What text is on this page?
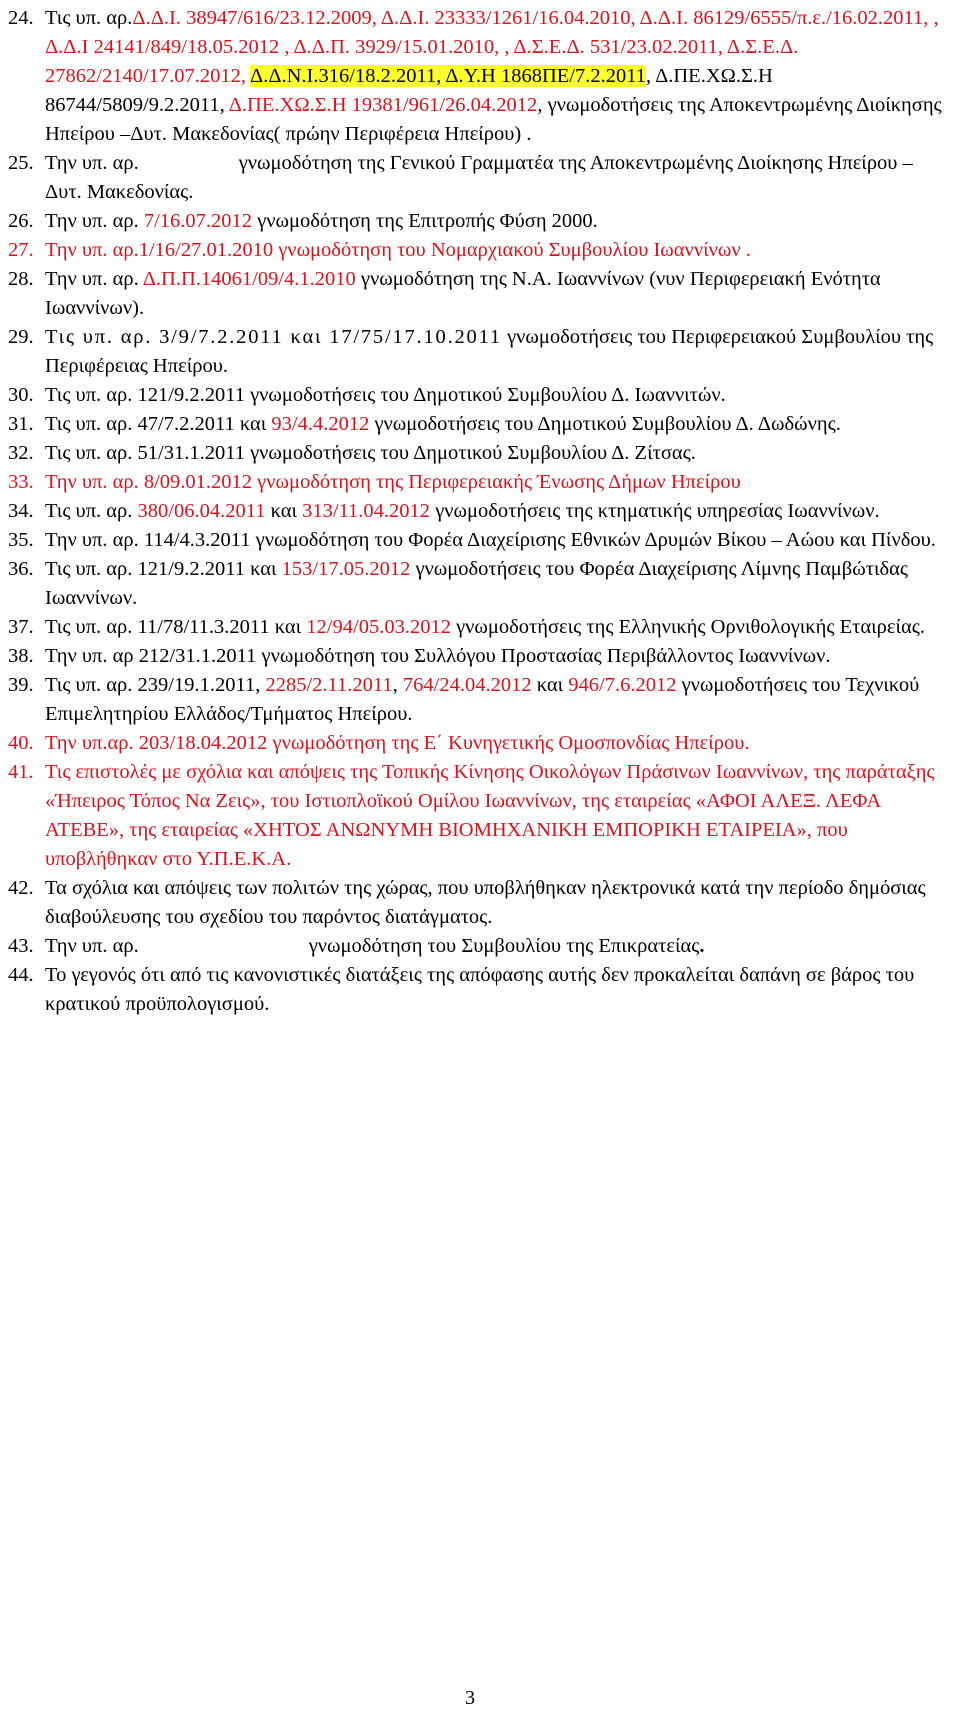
24. Τις υπ. αρ.Δ.Δ.Ι. 38947/616/23.12.2009, Δ.Δ.Ι. 23333/1261/16.04.2010, Δ.Δ.Ι. 86129/6555/π.ε./16.02.2011, , Δ.Δ.Ι 24141/849/18.05.2012 , Δ.Δ.Π. 3929/15.01.2010, , Δ.Σ.Ε.Δ. 531/23.02.2011, Δ.Σ.Ε.Δ. 27862/2140/17.07.2012, Δ.Δ.Ν.Ι.316/18.2.2011, Δ.Υ.Η 1868ΠΕ/7.2.2011, Δ.ΠΕ.ΧΩ.Σ.Η 86744/5809/9.2.2011, Δ.ΠΕ.ΧΩ.Σ.Η 19381/961/26.04.2012, γνωμοδοτήσεις της Αποκεντρωμένης Διοίκησης Ηπείρου –Δυτ. Μακεδονίας( πρώην Περιφέρεια Ηπείρου) .
25. Την υπ. αρ.	γνωμοδότηση της Γενικού Γραμματέα της Αποκεντρωμένης Διοίκησης Ηπείρου –Δυτ. Μακεδονίας.
26. Την υπ. αρ. 7/16.07.2012 γνωμοδότηση της Επιτροπής Φύση 2000.
27. Την υπ. αρ.1/16/27.01.2010 γνωμοδότηση του Νομαρχιακού Συμβουλίου Ιωαννίνων .
28. Την υπ. αρ. Δ.Π.Π.14061/09/4.1.2010 γνωμοδότηση της Ν.Α. Ιωαννίνων (νυν Περιφερειακή Ενότητα Ιωαννίνων).
29. Τις υπ. αρ. 3/9/7.2.2011 και 17/75/17.10.2011 γνωμοδοτήσεις του Περιφερειακού Συμβουλίου της Περιφέρειας Ηπείρου.
30. Τις υπ. αρ. 121/9.2.2011 γνωμοδοτήσεις του Δημοτικού Συμβουλίου Δ. Ιωαννιτών.
31. Τις υπ. αρ. 47/7.2.2011 και 93/4.4.2012 γνωμοδοτήσεις του Δημοτικού Συμβουλίου Δ. Δωδώνης.
32. Τις υπ. αρ. 51/31.1.2011 γνωμοδοτήσεις του Δημοτικού Συμβουλίου Δ. Ζίτσας.
33. Την υπ. αρ. 8/09.01.2012 γνωμοδότηση της Περιφερειακής Ένωσης Δήμων Ηπείρου
34. Τις υπ. αρ. 380/06.04.2011 και 313/11.04.2012 γνωμοδοτήσεις της κτηματικής υπηρεσίας Ιωαννίνων.
35. Την υπ. αρ. 114/4.3.2011 γνωμοδότηση του Φορέα Διαχείρισης Εθνικών Δρυμών Βίκου – Αώου και Πίνδου.
36. Τις υπ. αρ. 121/9.2.2011 και 153/17.05.2012 γνωμοδοτήσεις του Φορέα Διαχείρισης Λίμνης Παμβώτιδας Ιωαννίνων.
37. Τις υπ. αρ. 11/78/11.3.2011 και 12/94/05.03.2012 γνωμοδοτήσεις της Ελληνικής Ορνιθολογικής Εταιρείας.
38. Την υπ. αρ 212/31.1.2011 γνωμοδότηση του Συλλόγου Προστασίας Περιβάλλοντος Ιωαννίνων.
39. Τις υπ. αρ. 239/19.1.2011, 2285/2.11.2011, 764/24.04.2012 και 946/7.6.2012 γνωμοδοτήσεις του Τεχνικού Επιμελητηρίου Ελλάδος/Τμήματος Ηπείρου.
40. Την υπ.αρ. 203/18.04.2012 γνωμοδότηση της Ε΄ Κυνηγετικής Ομοσπονδίας Ηπείρου.
41. Τις επιστολές με σχόλια και απόψεις της Τοπικής Κίνησης Οικολόγων Πράσινων Ιωαννίνων, της παράταξης «Ήπειρος Τόπος Να Ζεις», του Ιστιοπλοϊκού Ομίλου Ιωαννίνων, της εταιρείας «ΑΦΟΙ ΑΛΕΞ. ΛΕΦΑ ΑΤΕΒΕ», της εταιρείας «ΧΗΤΟΣ ΑΝΩΝΥΜΗ ΒΙΟΜΗΧΑΝΙΚΗ ΕΜΠΟΡΙΚΗ ΕΤΑΙΡΕΙΑ», που υποβλήθηκαν στο Υ.Π.Ε.Κ.Α.
42. Τα σχόλια και απόψεις των πολιτών της χώρας, που υποβλήθηκαν ηλεκτρονικά κατά την περίοδο δημόσιας διαβούλευσης του σχεδίου του παρόντος διατάγματος.
43. Την υπ. αρ.	γνωμοδότηση του Συμβουλίου της Επικρατείας.
44. Το γεγονός ότι από τις κανονιστικές διατάξεις της απόφασης αυτής δεν προκαλείται δαπάνη σε βάρος του κρατικού προϋπολογισμού.
3
